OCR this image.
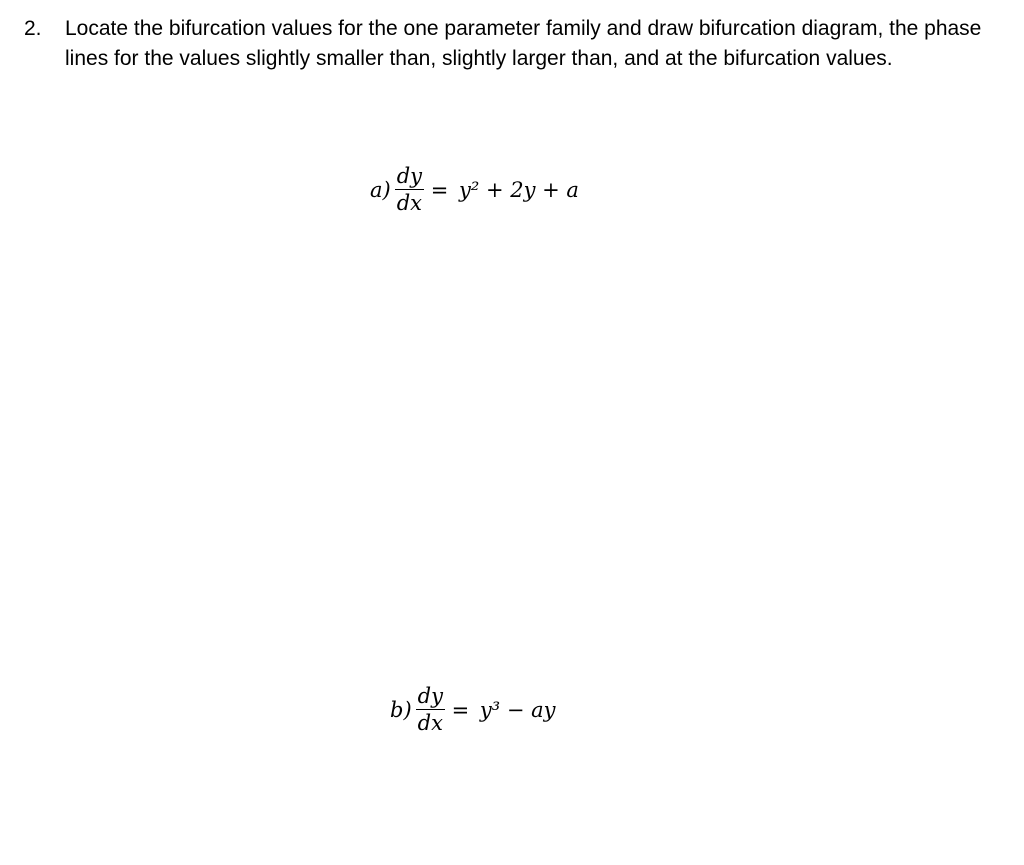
2.	Locate the bifurcation values for the one parameter family and draw bifurcation diagram, the phase lines for the values slightly smaller than, slightly larger than, and at the bifurcation values.
$a) \frac{dy}{dx} = y^2 + 2y + a$
$b) \frac{dy}{dx} = y^3$ − ay
